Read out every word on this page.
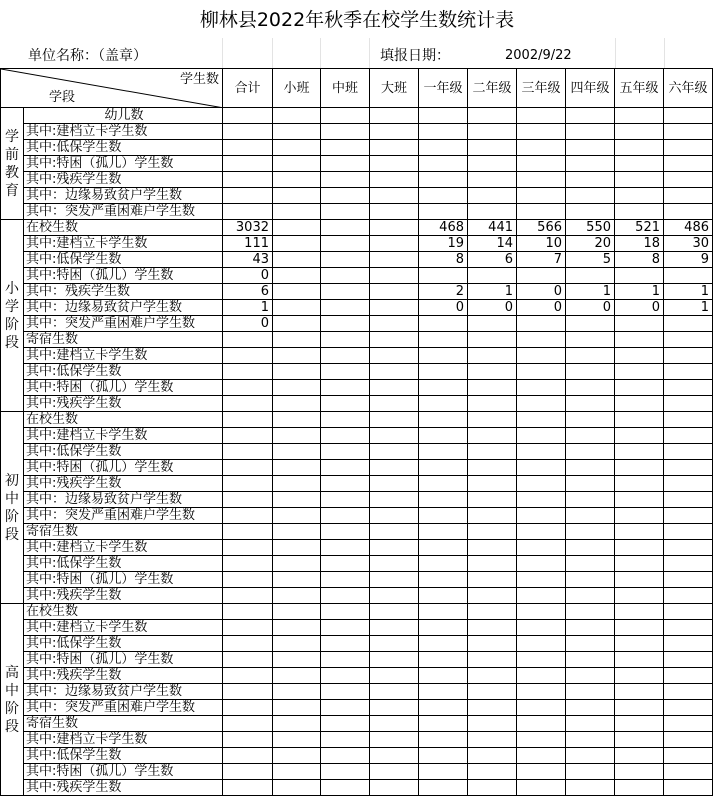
柳林县2022年秋季在校学生数统计表
单位名称：（盖章）	填报日期：	2002/9/22
学生数
学段		合计	小班	中班	大班	一年级	二年级	三年级	四年级	五年级	六年级
学前教育	幼儿数										
	其中:建档立卡学生数										
	其中:低保学生数										
	其中:特困（孤儿）学生数										
	其中:残疾学生数										
	其中：边缘易致贫户学生数										
	其中：突发严重困难户学生数										
小学阶段	在校生数	3032				468	441	566	550	521	486
	其中:建档立卡学生数	111				19	14	10	20	18	30
	其中:低保学生数	43				8	6	7	5	8	9
	其中:特困（孤儿）学生数	0									
	其中：残疾学生数	6				2	1	0	1	1	1
	其中：边缘易致贫户学生数	1				0	0	0	0	0	1
	其中：突发严重困难户学生数	0									
	寄宿生数										
	其中:建档立卡学生数										
	其中:低保学生数										
	其中:特困（孤儿）学生数										
	其中:残疾学生数										
初中阶段	在校生数										
	其中:建档立卡学生数										
	其中:低保学生数										
	其中:特困（孤儿）学生数										
	其中:残疾学生数										
	其中：边缘易致贫户学生数										
	其中：突发严重困难户学生数										
	寄宿生数										
	其中:建档立卡学生数										
	其中:低保学生数										
	其中:特困（孤儿）学生数										
	其中:残疾学生数										
高中阶段	在校生数										
	其中:建档立卡学生数										
	其中:低保学生数										
	其中:特困（孤儿）学生数										
	其中:残疾学生数										
	其中：边缘易致贫户学生数										
	其中：突发严重困难户学生数										
	寄宿生数										
	其中:建档立卡学生数										
	其中:低保学生数										
	其中:特困（孤儿）学生数										
	其中:残疾学生数										
